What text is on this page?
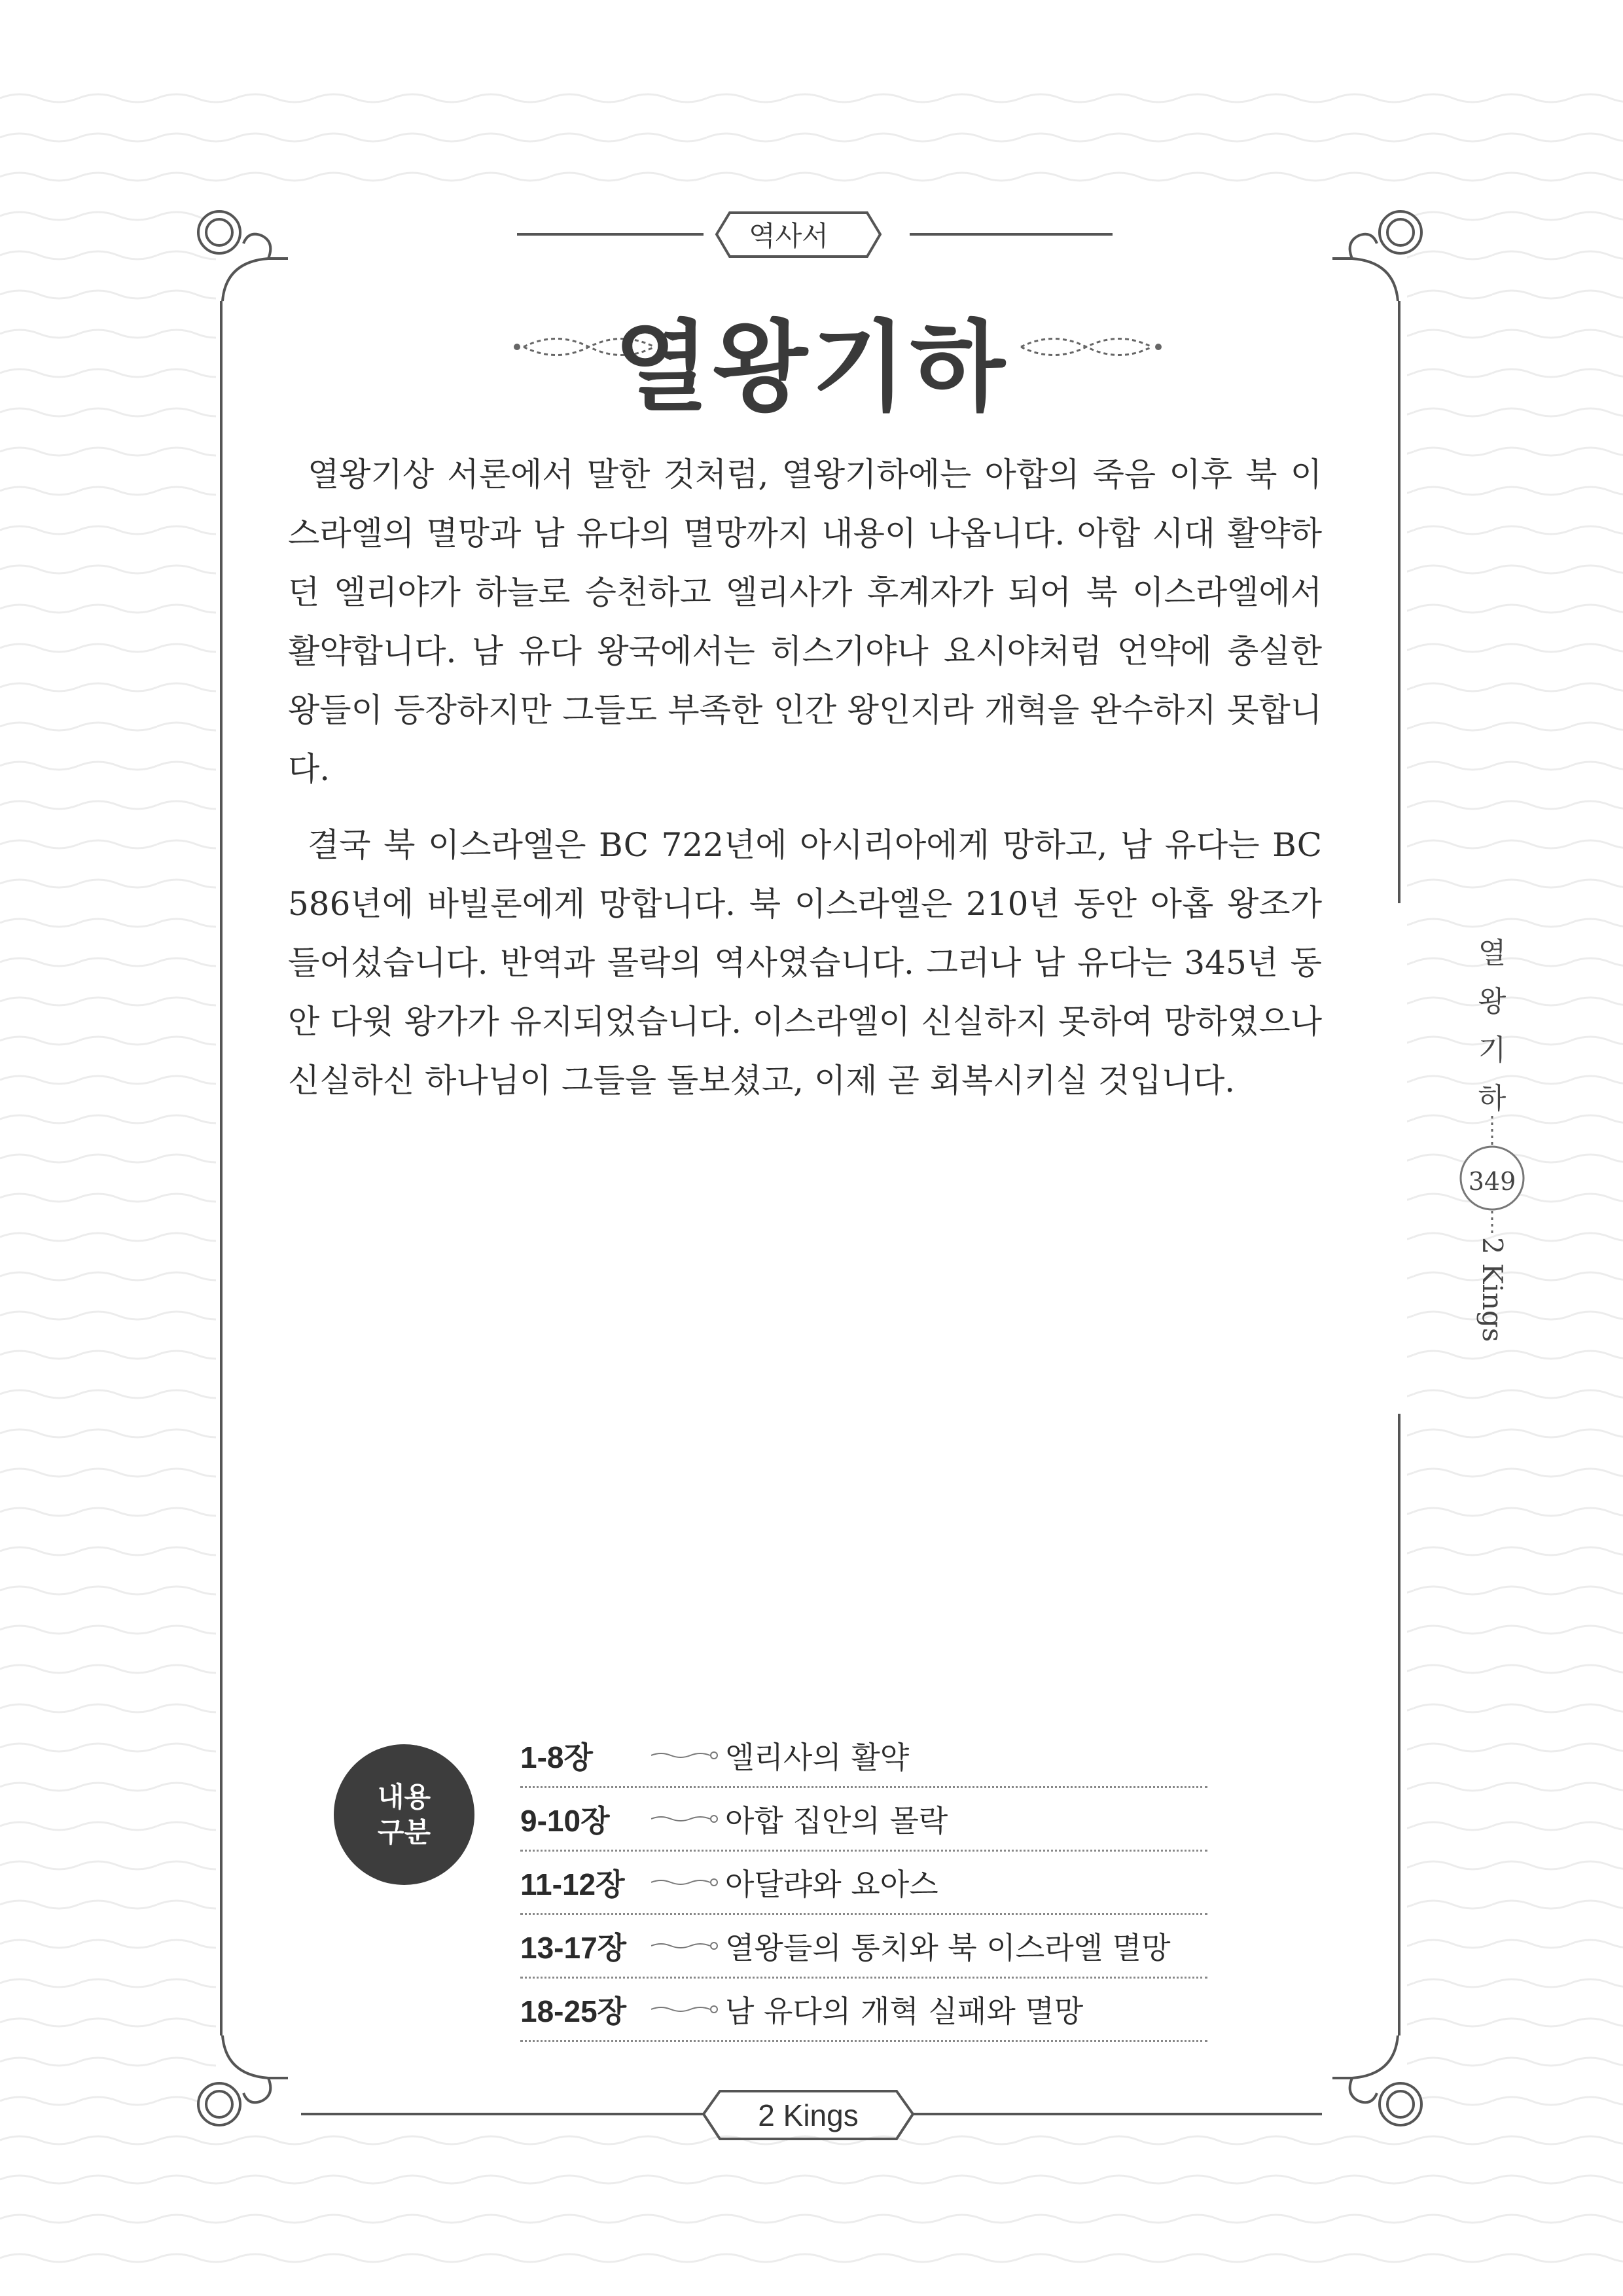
역사서
열왕기하

열왕기상 서론에서 말한 것처럼, 열왕기하에는 아합의 죽음 이후 북 이스라엘의 멸망과 남 유다의 멸망까지 내용이 나옵니다. 아합 시대 활약하던 엘리야가 하늘로 승천하고 엘리사가 후계자가 되어 북 이스라엘에서 활약합니다. 남 유다 왕국에서는 히스기야나 요시야처럼 언약에 충실한 왕들이 등장하지만 그들도 부족한 인간 왕인지라 개혁을 완수하지 못합니다.

결국 북 이스라엘은 BC 722년에 아시리아에게 망하고, 남 유다는 BC 586년에 바빌론에게 망합니다. 북 이스라엘은 210년 동안 아홉 왕조가 들어섰습니다. 반역과 몰락의 역사였습니다. 그러나 남 유다는 345년 동안 다윗 왕가가 유지되었습니다. 이스라엘이 신실하지 못하여 망하였으나 신실하신 하나님이 그들을 돌보셨고, 이제 곧 회복시키실 것입니다.

열
왕
기
하
349
2 Kings
내용
구분
1-8장	엘리사의 활약
9-10장	아합 집안의 몰락
11-12장	아달랴와 요아스
13-17장	열왕들의 통치와 북 이스라엘 멸망
18-25장	남 유다의 개혁 실패와 멸망
2 Kings
